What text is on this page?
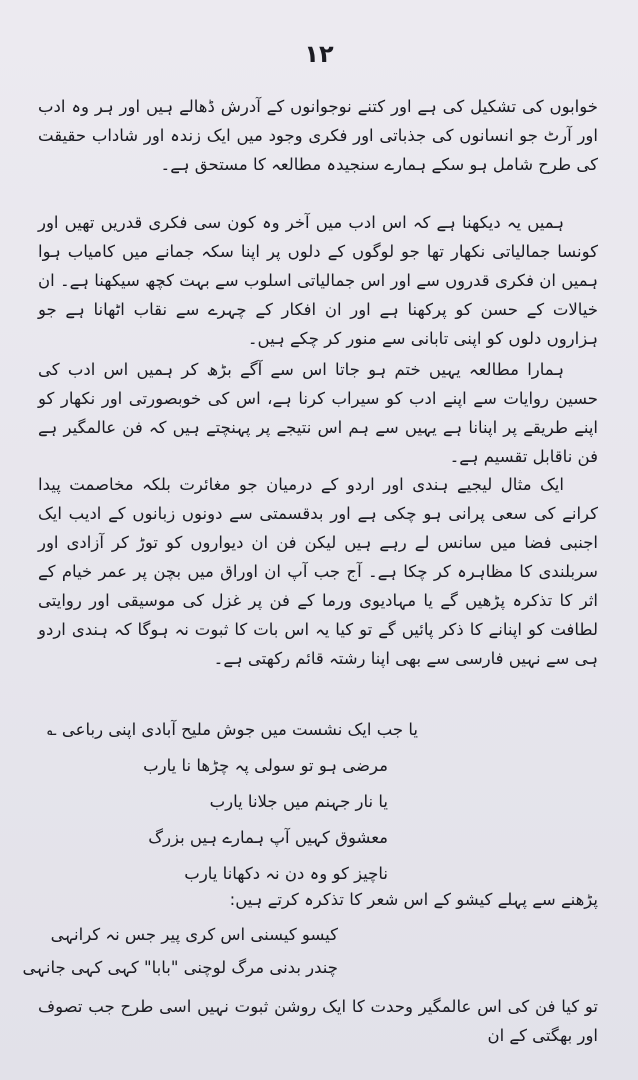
۱۲

خوابوں کی تشکیل کی ہے اور کتنے نوجوانوں کے آدرش ڈھالے ہیں اور ہر وہ ادب اور آرٹ جو انسانوں کی جذباتی اور فکری وجود میں ایک زندہ اور شاداب حقیقت کی طرح شامل ہو سکے ہمارے سنجیدہ مطالعہ کا مستحق ہے۔

ہمیں یہ دیکھنا ہے کہ اس ادب میں آخر وہ کون سی فکری قدریں تھیں اور کونسا جمالیاتی نکھار تھا جو لوگوں کے دلوں پر اپنا سکہ جمانے میں کامیاب ہوا ہمیں ان فکری قدروں سے اور اس جمالیاتی اسلوب سے بہت کچھ سیکھنا ہے۔ ان خیالات کے حسن کو پرکھنا ہے اور ان افکار کے چہرے سے نقاب اٹھانا ہے جو ہزاروں دلوں کو اپنی تابانی سے منور کر چکے ہیں۔

ہمارا مطالعہ یہیں ختم ہو جاتا اس سے آگے بڑھ کر ہمیں اس ادب کی حسین روایات سے اپنے ادب کو سیراب کرنا ہے، اس کی خوبصورتی اور نکھار کو اپنے طریقے پر اپنانا ہے یہیں سے ہم اس نتیجے پر پہنچتے ہیں کہ فن عالمگیر ہے فن ناقابل تقسیم ہے۔

ایک مثال لیجیے ہندی اور اردو کے درمیان جو مغائرت بلکہ مخاصمت پیدا کرانے کی سعی پرانی ہو چکی ہے اور بدقسمتی سے دونوں زبانوں کے ادیب ایک اجنبی فضا میں سانس لے رہے ہیں لیکن فن ان دیواروں کو توڑ کر آزادی اور سربلندی کا مظاہرہ کر چکا ہے۔ آج جب آپ ان اوراق میں بچن پر عمر خیام کے اثر کا تذکرہ پڑھیں گے یا مہادیوی ورما کے فن پر غزل کی موسیقی اور روایتی لطافت کو اپنانے کا ذکر پائیں گے تو کیا یہ اس بات کا ثبوت نہ ہوگا کہ ہندی اردو ہی سے نہیں فارسی سے بھی اپنا رشتہ قائم رکھتی ہے۔

یا جب ایک نشست میں جوش ملیح آبادی اپنی رباعی ؎

مرضی ہو تو سولی پہ چڑھا نا یارب
یا نار جہنم میں جلانا یارب
معشوق کہیں آپ ہمارے ہیں بزرگ
ناچیز کو وہ دن نہ دکھانا یارب

پڑھنے سے پہلے کیشو کے اس شعر کا تذکرہ کرتے ہیں:

کیسو کیسنی اس کری پیر جس نہ کرانہی
چندر بدنی مرگ لوچنی "بابا" کہی کہی جانہی

تو کیا فن کی اس عالمگیر وحدت کا ایک روشن ثبوت نہیں اسی طرح جب تصوف اور بھگتی کے ان
